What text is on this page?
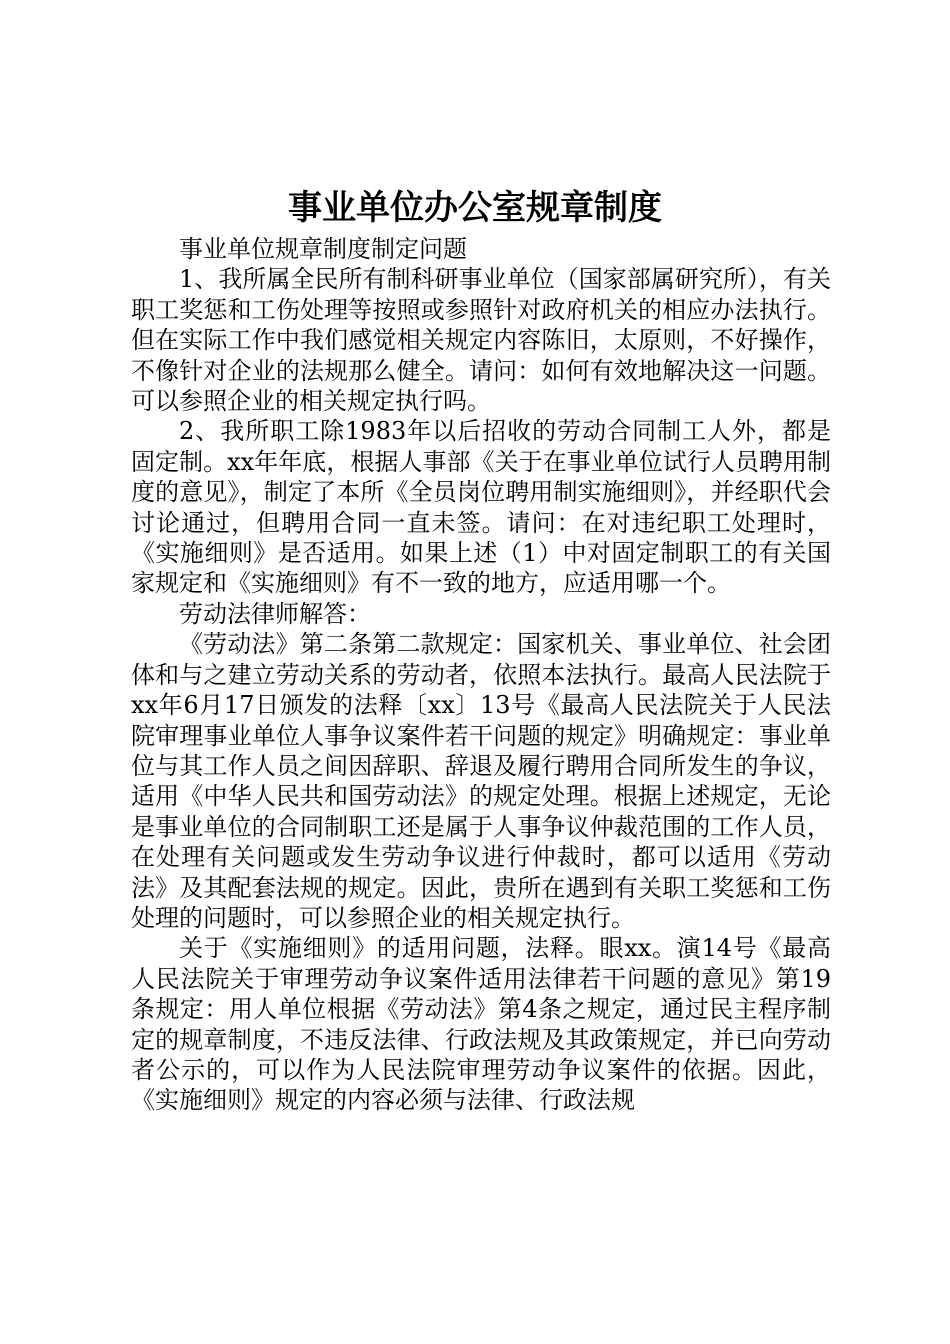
事业单位办公室规章制度

事业单位规章制度制定问题

1、我所属全民所有制科研事业单位（国家部属研究所），有关职工奖惩和工伤处理等按照或参照针对政府机关的相应办法执行。但在实际工作中我们感觉相关规定内容陈旧，太原则，不好操作，不像针对企业的法规那么健全。请问：如何有效地解决这一问题。可以参照企业的相关规定执行吗。

2、我所职工除1983年以后招收的劳动合同制工人外，都是固定制。xx年年底，根据人事部《关于在事业单位试行人员聘用制度的意见》，制定了本所《全员岗位聘用制实施细则》，并经职代会讨论通过，但聘用合同一直未签。请问：在对违纪职工处理时，《实施细则》是否适用。如果上述（1）中对固定制职工的有关国家规定和《实施细则》有不一致的地方，应适用哪一个。

劳动法律师解答：

《劳动法》第二条第二款规定：国家机关、事业单位、社会团体和与之建立劳动关系的劳动者，依照本法执行。最高人民法院于xx年6月17日颁发的法释〔xx〕13号《最高人民法院关于人民法院审理事业单位人事争议案件若干问题的规定》明确规定：事业单位与其工作人员之间因辞职、辞退及履行聘用合同所发生的争议，适用《中华人民共和国劳动法》的规定处理。根据上述规定，无论是事业单位的合同制职工还是属于人事争议仲裁范围的工作人员，在处理有关问题或发生劳动争议进行仲裁时，都可以适用《劳动法》及其配套法规的规定。因此，贵所在遇到有关职工奖惩和工伤处理的问题时，可以参照企业的相关规定执行。

关于《实施细则》的适用问题，法释。眼xx。演14号《最高人民法院关于审理劳动争议案件适用法律若干问题的意见》第19条规定：用人单位根据《劳动法》第4条之规定，通过民主程序制定的规章制度，不违反法律、行政法规及其政策规定，并已向劳动者公示的，可以作为人民法院审理劳动争议案件的依据。因此，《实施细则》规定的内容必须与法律、行政法规
